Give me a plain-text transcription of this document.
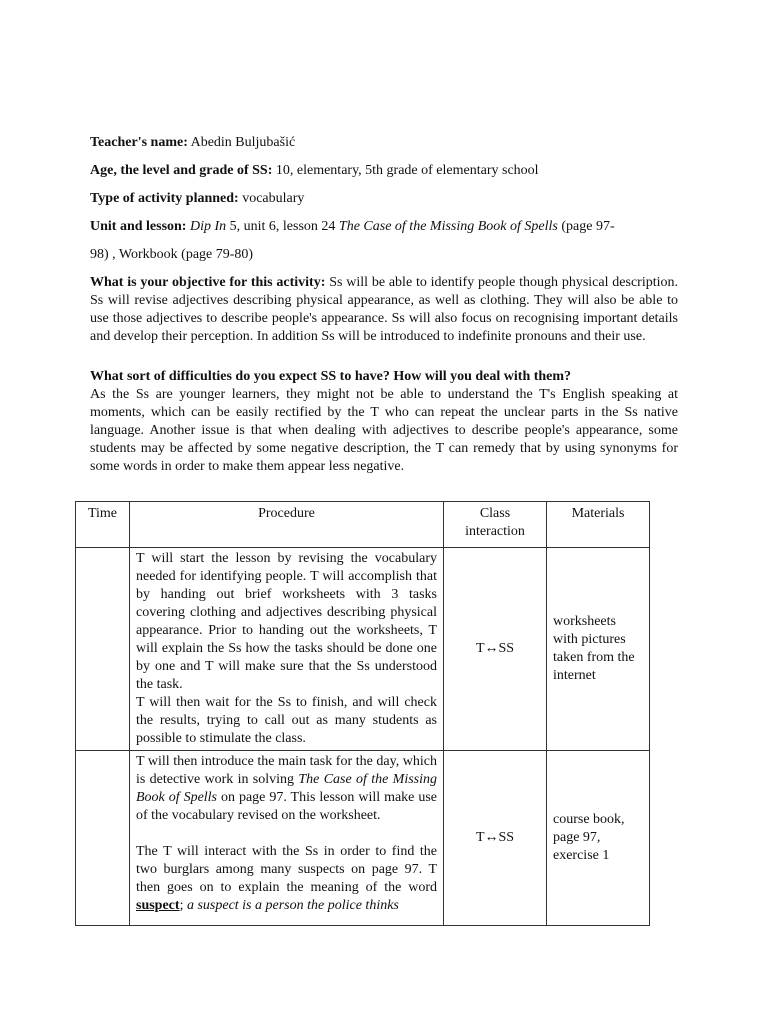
Teacher's name: Abedin Buljubašić

Age, the level and grade of SS: 10, elementary, 5th grade of elementary school

Type of activity planned: vocabulary

Unit and lesson: Dip In 5, unit 6, lesson 24 The Case of the Missing Book of Spells (page 97-

98) , Workbook (page 79-80)

What is your objective for this activity: Ss will be able to identify people though physical description. Ss will revise adjectives describing physical appearance, as well as clothing. They will also be able to use those adjectives to describe people's appearance. Ss will also focus on recognising important details and develop their perception. In addition Ss will be introduced to indefinite pronouns and their use.

What sort of difficulties do you expect SS to have? How will you deal with them?

As the Ss are younger learners, they might not be able to understand the T's English speaking at moments, which can be easily rectified by the T who can repeat the unclear parts in the Ss native language. Another issue is that when dealing with adjectives to describe people's appearance, some students may be affected by some negative description, the T can remedy that by using synonyms for some words in order to make them appear less negative.

Time	Procedure	Class interaction	Materials

	T will start the lesson by revising the vocabulary needed for identifying people. T will accomplish that by handing out brief worksheets with 3 tasks covering clothing and adjectives describing physical appearance. Prior to handing out the worksheets, T will explain the Ss how the tasks should be done one by one and T will make sure that the Ss understood the task.
T will then wait for the Ss to finish, and will check the results, trying to call out as many students as possible to stimulate the class.	T↔SS	worksheets with pictures taken from the internet

	T will then introduce the main task for the day, which is detective work in solving The Case of the Missing Book of Spells on page 97. This lesson will make use of the vocabulary revised on the worksheet.
The T will interact with the Ss in order to find the two burglars among many suspects on page 97. T then goes on to explain the meaning of the word suspect; a suspect is a person the police thinks	T↔SS	course book, page 97, exercise 1
